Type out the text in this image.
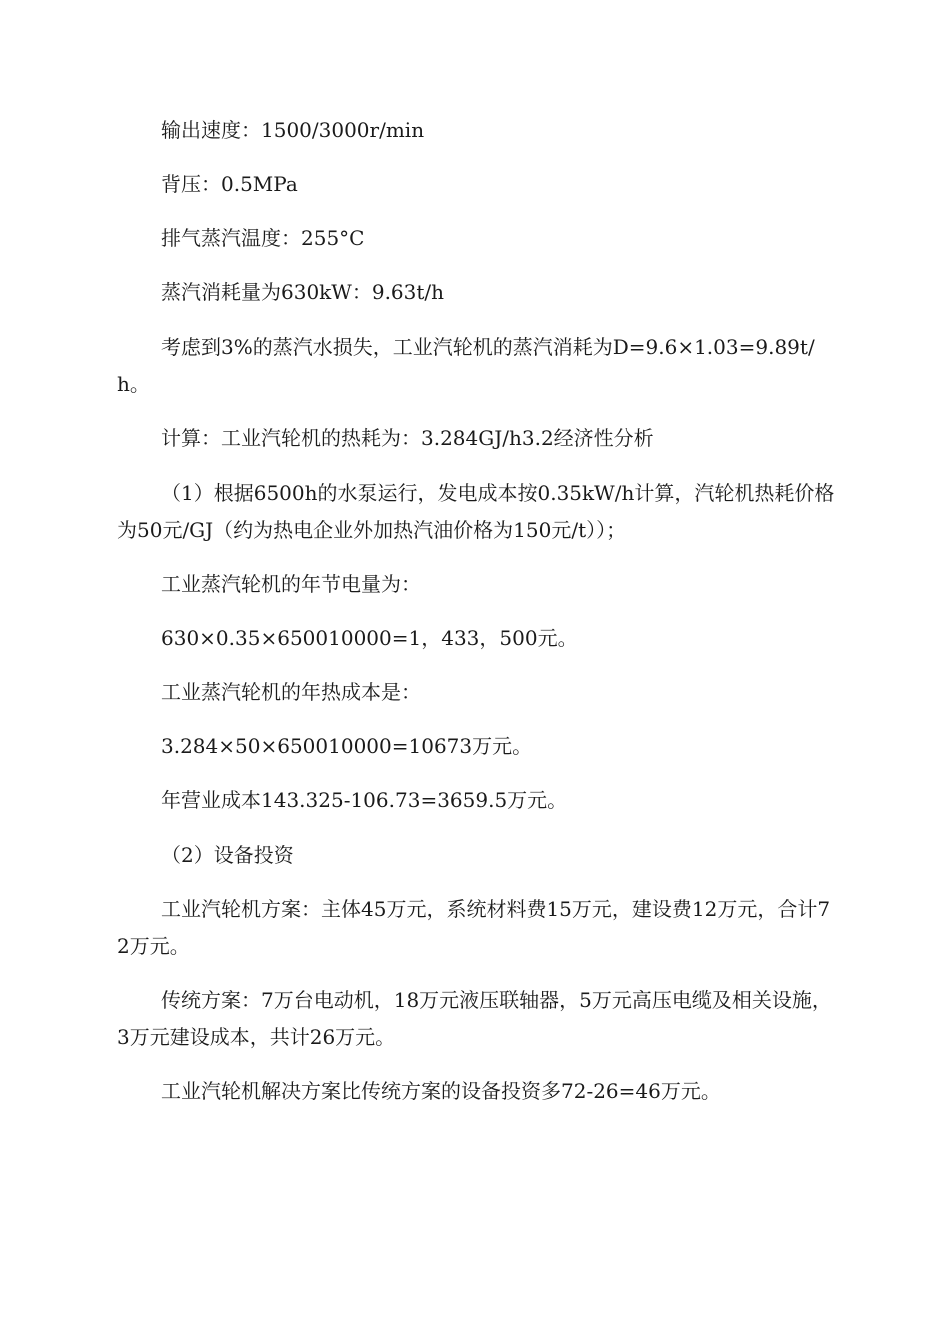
输出速度：1500/3000r/min

背压：0.5MPa

排气蒸汽温度：255°C

蒸汽消耗量为630kW：9.63t/h

考虑到3%的蒸汽水损失，工业汽轮机的蒸汽消耗为D=9.6×1.03=9.89t/h。

计算：工业汽轮机的热耗为：3.284GJ/h3.2经济性分析

（1）根据6500h的水泵运行，发电成本按0.35kW/h计算，汽轮机热耗价格为50元/GJ（约为热电企业外加热汽油价格为150元/t））；

工业蒸汽轮机的年节电量为：

630×0.35×650010000=1，433，500元。

工业蒸汽轮机的年热成本是：

3.284×50×650010000=10673万元。

年营业成本143.325-106.73=3659.5万元。

（2）设备投资

工业汽轮机方案：主体45万元，系统材料费15万元，建设费12万元，合计72万元。

传统方案：7万台电动机，18万元液压联轴器，5万元高压电缆及相关设施，3万元建设成本，共计26万元。

工业汽轮机解决方案比传统方案的设备投资多72-26=46万元。
